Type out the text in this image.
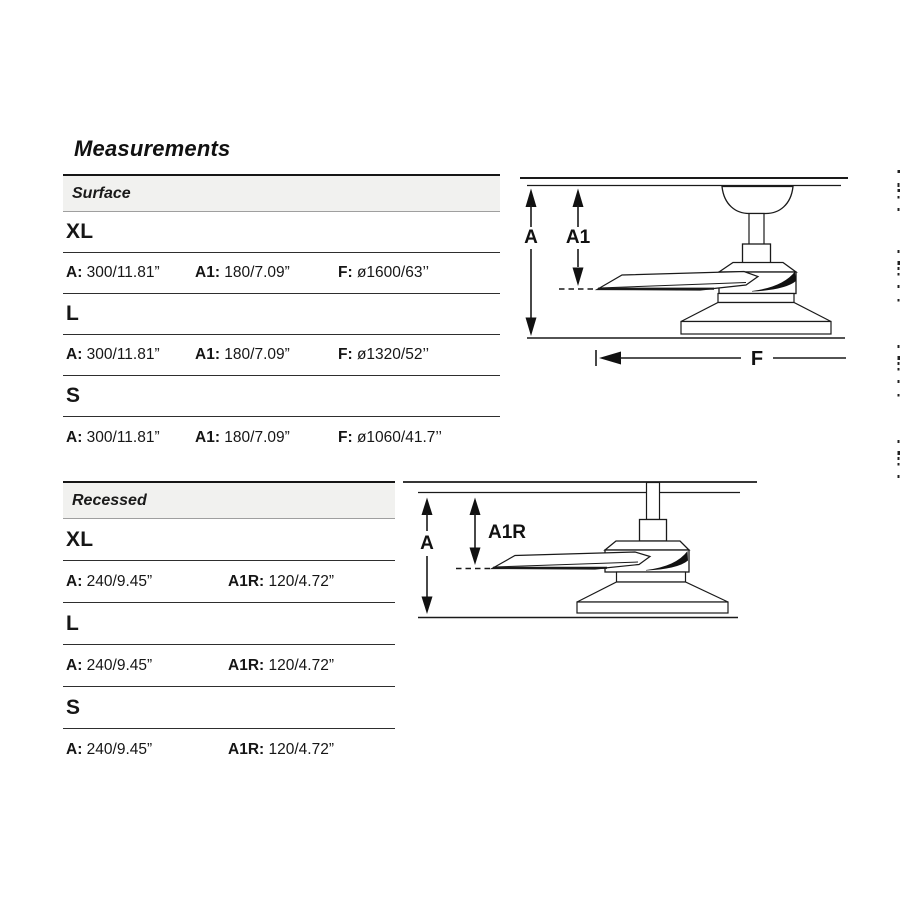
Measurements
Surface
XL
A: 300/11.81” A1: 180/7.09”	F: ø1600/63’’
L
A: 300/11.81” A1: 180/7.09”	F: ø1320/52’’
S
A: 300/11.81” A1: 180/7.09”	F: ø1060/41.7’’
Recessed
XL
A: 240/9.45”	A1R: 120/4.72”
L
A: 240/9.45”	A1R: 120/4.72”
S
A: 240/9.45”	A1R: 120/4.72”
A A1
F
A
A1R
